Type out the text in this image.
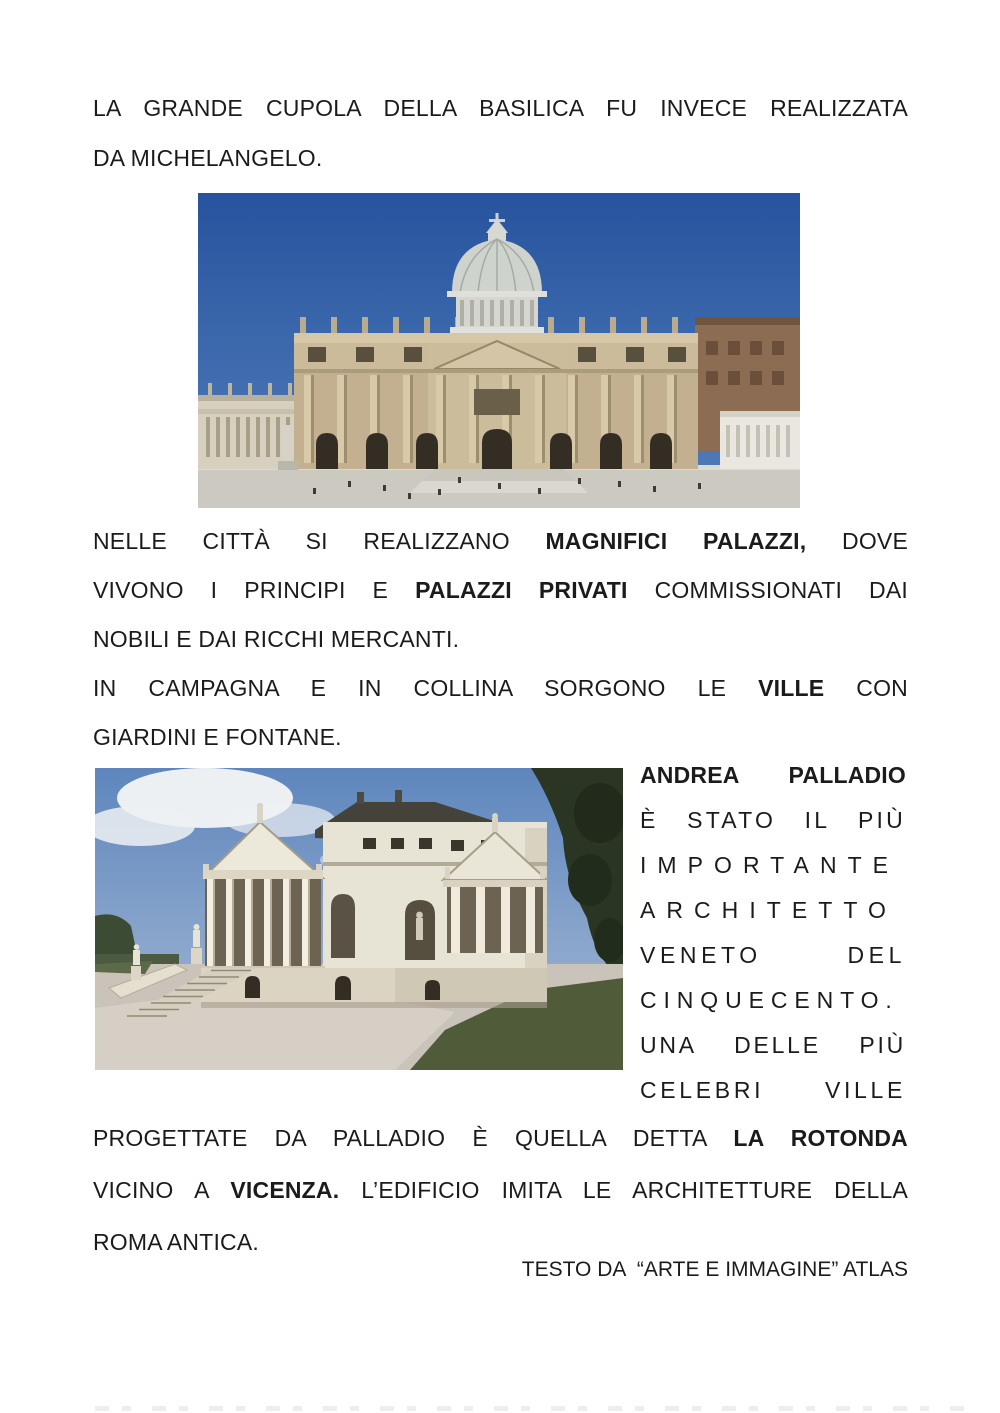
LA GRANDE CUPOLA DELLA BASILICA FU INVECE REALIZZATA
DA MICHELANGELO.
NELLE CITTÀ SI REALIZZANO MAGNIFICI PALAZZI, DOVE
VIVONO I PRINCIPI E PALAZZI PRIVATI COMMISSIONATI DAI
NOBILI E DAI RICCHI MERCANTI.
IN CAMPAGNA E IN COLLINA SORGONO LE VILLE CON
GIARDINI E FONTANE.
ANDREA PALLADIO
È STATO IL PIÙ
IMPORTANTE
ARCHITETTO
VENETO DEL
CINQUECENTO.
UNA DELLE PIÙ
CELEBRI VILLE
PROGETTATE DA PALLADIO È QUELLA DETTA LA ROTONDA
VICINO A VICENZA. L’EDIFICIO IMITA LE ARCHITETTURE DELLA
ROMA ANTICA.
TESTO DA  “ARTE E IMMAGINE” ATLAS
